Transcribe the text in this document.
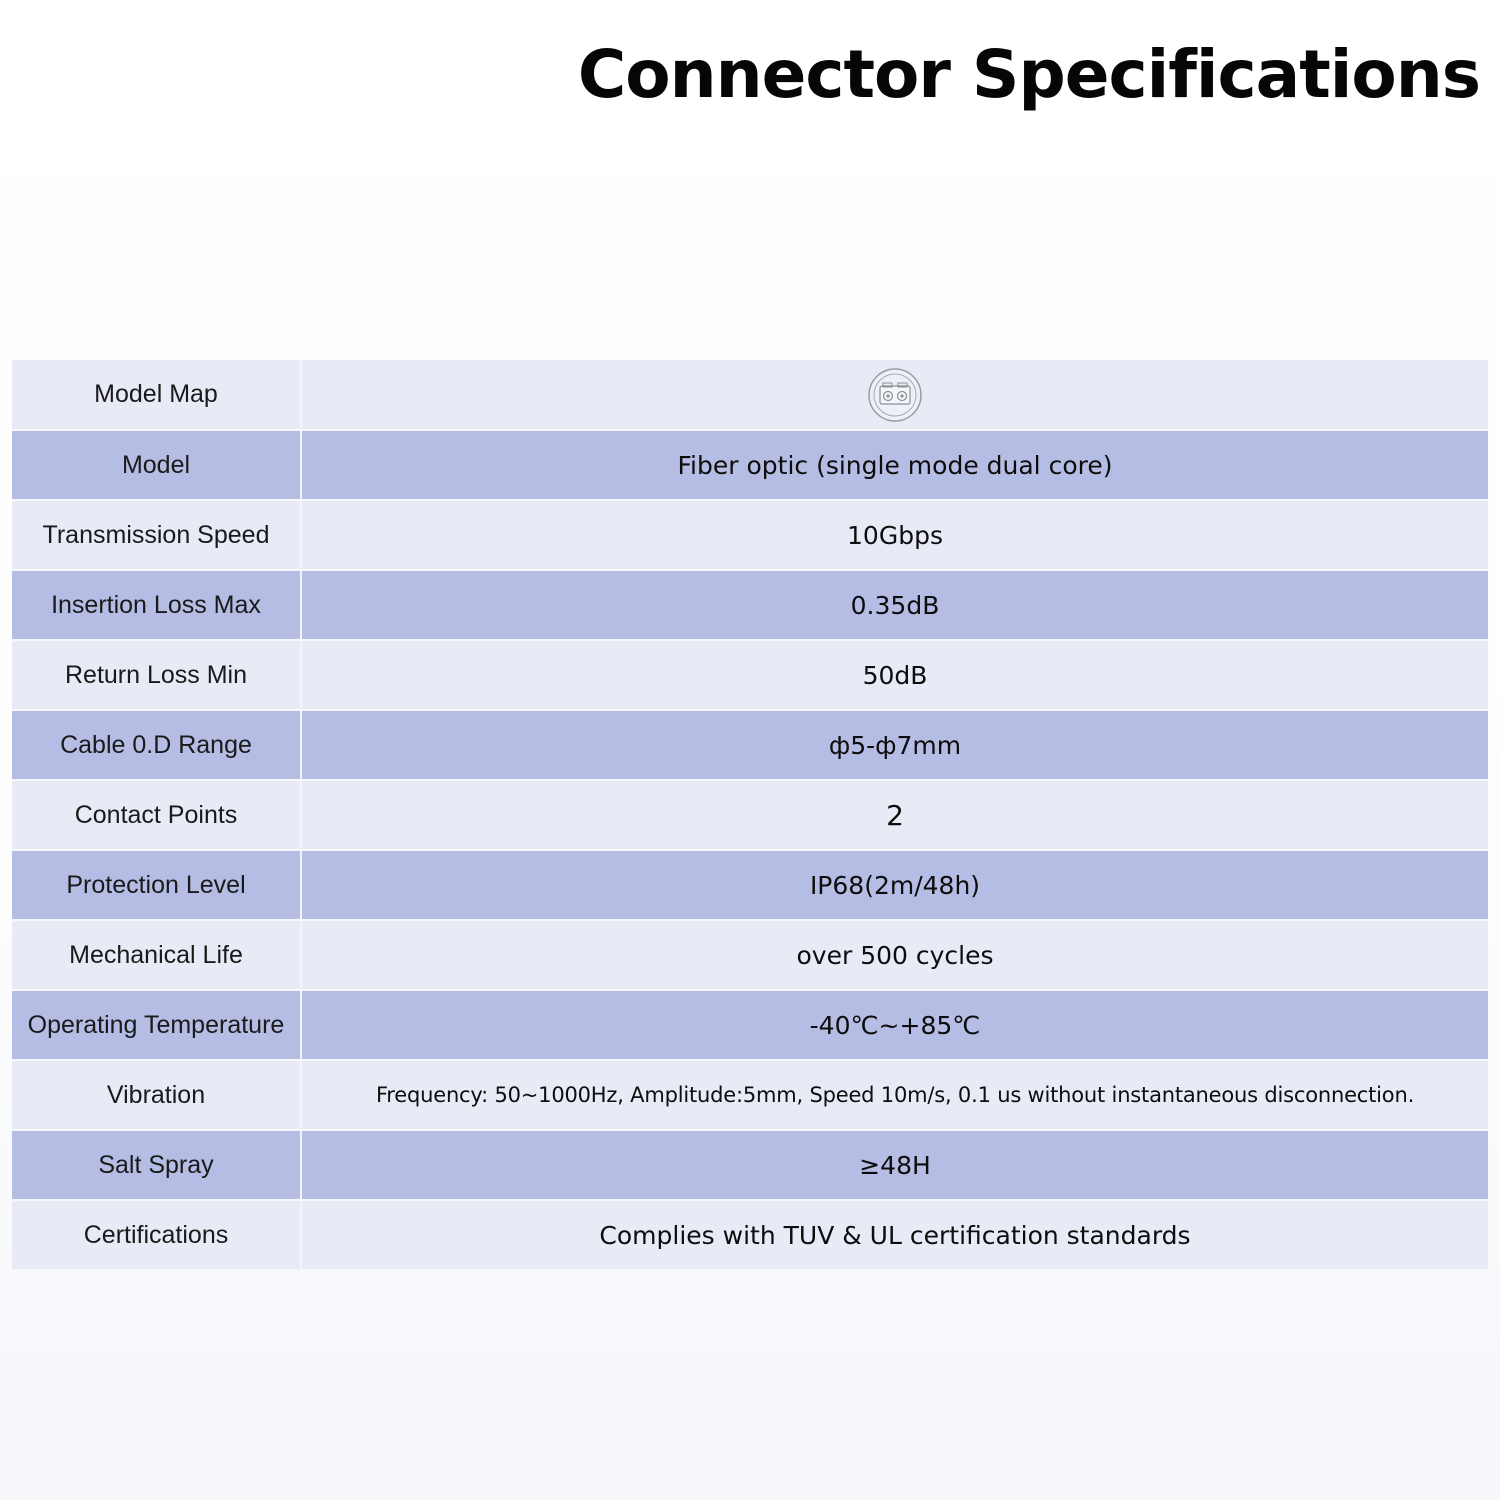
Connector Specifications
Model Map	
Model	Fiber optic (single mode dual core)
Transmission Speed	10Gbps
Insertion Loss Max	0.35dB
Return Loss Min	50dB
Cable 0.D Range	ф5-ф7mm
Contact Points	2
Protection Level	IP68(2m/48h)
Mechanical Life	over 500 cycles
Operating Temperature	-40℃~+85℃
Vibration	Frequency: 50~1000Hz, Amplitude:5mm, Speed 10m/s, 0.1 us without instantaneous disconnection.
Salt Spray	≥48H
Certifications	Complies with TUV & UL certification standards
